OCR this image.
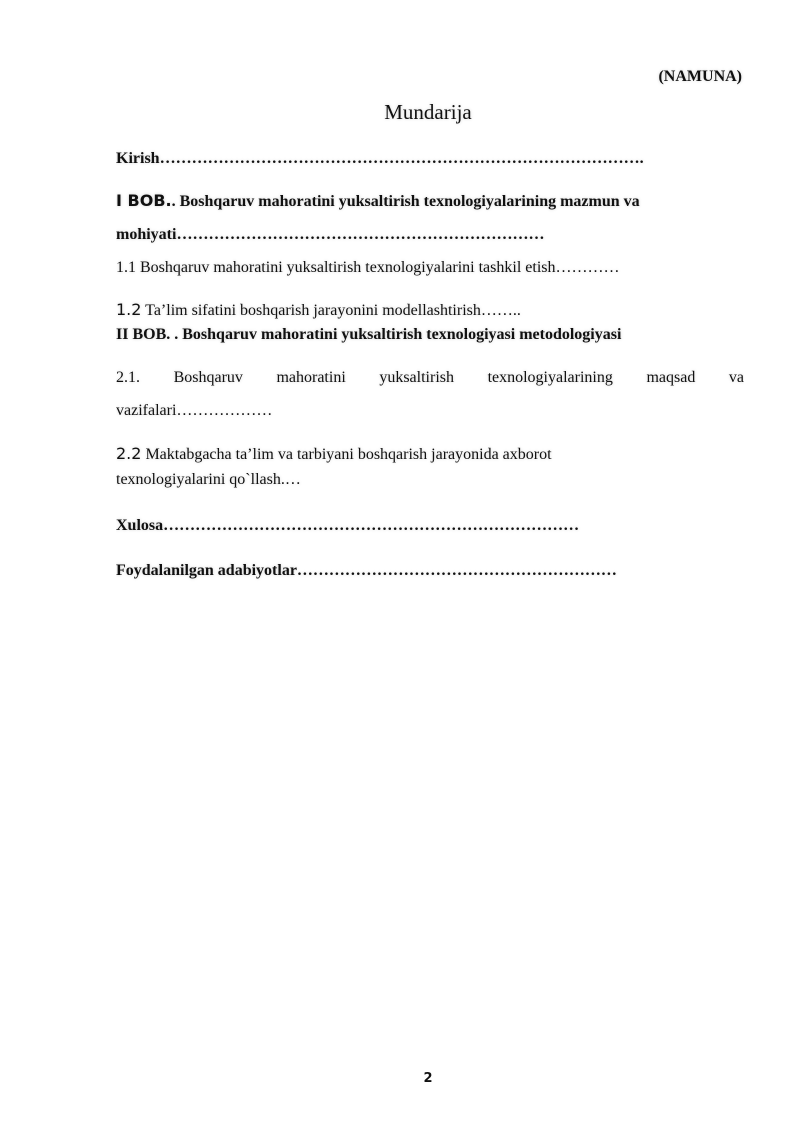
(NAMUNA)
Mundarija
Kirish……………………………………………………………………………….
I BOB.. Boshqaruv mahoratini yuksaltirish texnologiyalarining mazmun va
mohiyati……………………………………………………………
1.1 Boshqaruv mahoratini yuksaltirish texnologiyalarini tashkil etish…………
1.2 Ta’lim sifatini boshqarish jarayonini modellashtirish……..
II BOB. . Boshqaruv mahoratini yuksaltirish texnologiyasi metodologiyasi
2.1. Boshqaruv mahoratini yuksaltirish texnologiyalarining maqsad va
vazifalari………………
2.2 Maktabgacha ta’lim va tarbiyani boshqarish jarayonida axborot
texnologiyalarini qo`llash.…
Xulosa……………………………………………………………………
Foydalanilgan adabiyotlar……………………………………………………
2
